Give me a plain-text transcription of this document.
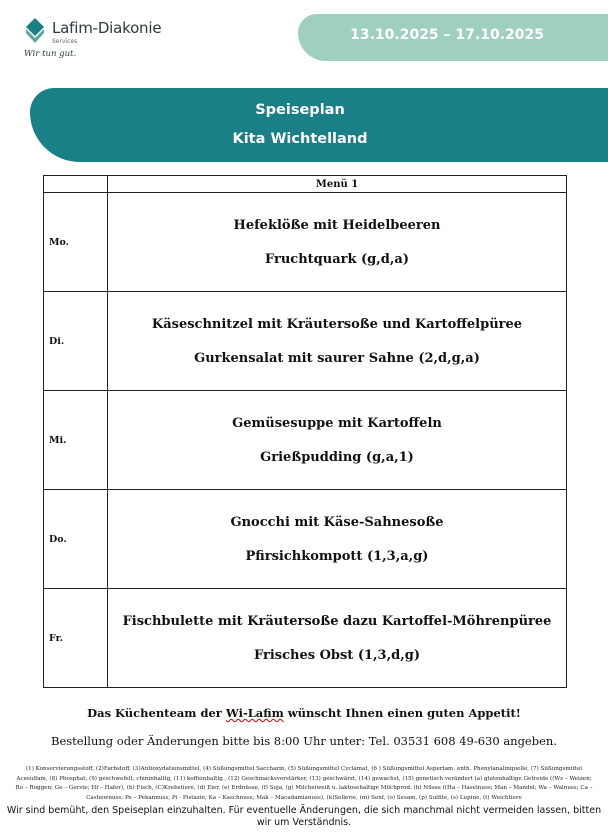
Lafim-Diakonie
Services
Wir tun gut.
13.10.2025 – 17.10.2025
Speiseplan
Kita Wichtelland
	Menü 1
Mo.	Hefeklöße mit Heidelbeeren
Fruchtquark (g,d,a)

Di.	Käseschnitzel mit Kräutersoße und Kartoffelpüree
Gurkensalat mit saurer Sahne (2,d,g,a)

Mi.	Gemüsesuppe mit Kartoffeln
Grießpudding (g,a,1)

Do.	Gnocchi mit Käse-Sahnesoße
Pfirsichkompott (1,3,a,g)

Fr.	Fischbulette mit Kräutersoße dazu Kartoffel-Möhrenpüree
Frisches Obst (1,3,d,g)
Das Küchenteam der Wi-Lafim wünscht Ihnen einen guten Appetit!
Bestellung oder Änderungen bitte bis 8:00 Uhr unter: Tel. 03531 608 49-630 angeben.
(1) Konservierungsstoff, (2)Farbstoff, (3)Antioxydationsmittel, (4) Süßungsmittel Saccharin, (5) Süßungsmittel Cyclamat, (6 ) Süßungsmittel Aspertam, enth. Phenylanalinquelle, (7) Süßungsmittel Acesulfam, (8) Phosphat, (9) geschwefelt, chininhaltig, (11) koffeinhaltig , (12) Geschmacksverstärker, (13) geschwärzt, (14) gewachst, (15) genetisch verändert (a) glutenhaltige Getreide ((Wz – Weizen; Ro – Roggen; Ge – Gerste; Hf – Hafer), (b) Fisch, (C)Krebstiere, (d) Eier, (e) Erdnüsse, (f) Soja, (g) Milcheiweiß u. laktosehaltige Milchprod. (h) Nüsse ((Ha – Haselnuss; Man – Mandel; Wa – Walnuss; Ca – Cashewnuss; Pe – Pekannuss; Pi - Pistazie; Ka – Kaschnuss; Mak – Macadamianuss), (k)Sellerie, (m) Senf, (o) Sesam, (p) Sulfite, (s) Lupine, (t) Weichtiere
Wir sind bemüht, den Speiseplan einzuhalten. Für eventuelle Änderungen, die sich manchmal nicht vermeiden lassen, bitten wir um Verständnis.
